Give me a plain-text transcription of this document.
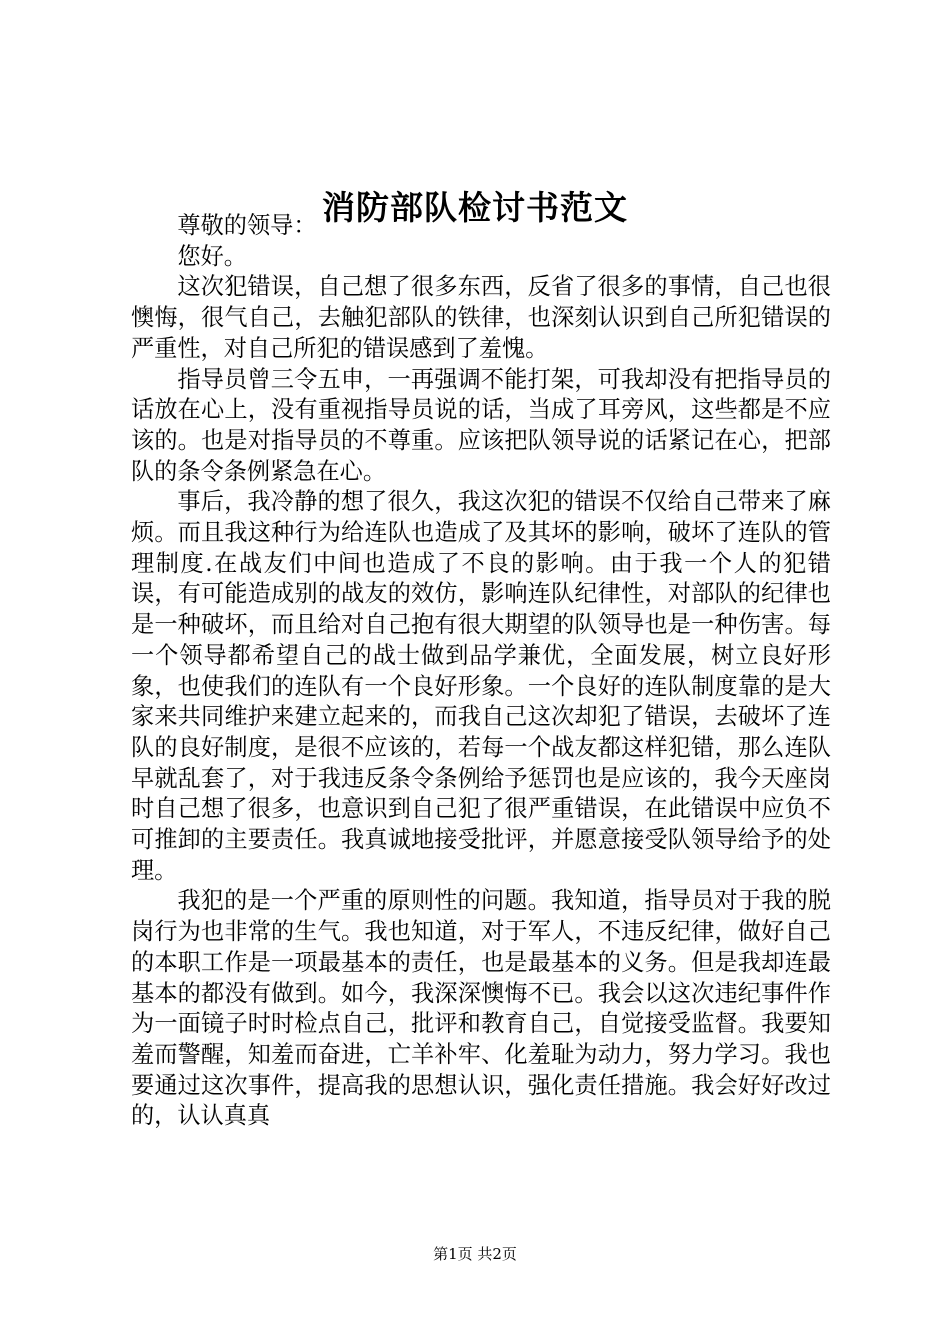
消防部队检讨书范文

尊敬的领导：

您好。

这次犯错误，自己想了很多东西，反省了很多的事情，自己也很懊悔，很气自己，去触犯部队的铁律，也深刻认识到自己所犯错误的严重性，对自己所犯的错误感到了羞愧。

指导员曾三令五申，一再强调不能打架，可我却没有把指导员的话放在心上，没有重视指导员说的话，当成了耳旁风，这些都是不应该的。也是对指导员的不尊重。应该把队领导说的话紧记在心，把部队的条令条例紧急在心。

事后，我冷静的想了很久，我这次犯的错误不仅给自己带来了麻烦。而且我这种行为给连队也造成了及其坏的影响，破坏了连队的管理制度.在战友们中间也造成了不良的影响。由于我一个人的犯错误，有可能造成别的战友的效仿，影响连队纪律性，对部队的纪律也是一种破坏，而且给对自己抱有很大期望的队领导也是一种伤害。每一个领导都希望自己的战士做到品学兼优，全面发展，树立良好形象，也使我们的连队有一个良好形象。一个良好的连队制度靠的是大家来共同维护来建立起来的，而我自己这次却犯了错误，去破坏了连队的良好制度，是很不应该的，若每一个战友都这样犯错，那么连队早就乱套了，对于我违反条令条例给予惩罚也是应该的，我今天座岗时自己想了很多，也意识到自己犯了很严重错误，在此错误中应负不可推卸的主要责任。我真诚地接受批评，并愿意接受队领导给予的处理。

我犯的是一个严重的原则性的问题。我知道，指导员对于我的脱岗行为也非常的生气。我也知道，对于军人，不违反纪律，做好自己的本职工作是一项最基本的责任，也是最基本的义务。但是我却连最基本的都没有做到。如今，我深深懊悔不已。我会以这次违纪事件作为一面镜子时时检点自己，批评和教育自己，自觉接受监督。我要知羞而警醒，知羞而奋进，亡羊补牢、化羞耻为动力，努力学习。我也要通过这次事件，提高我的思想认识，强化责任措施。我会好好改过的，认认真真

第1页 共2页
